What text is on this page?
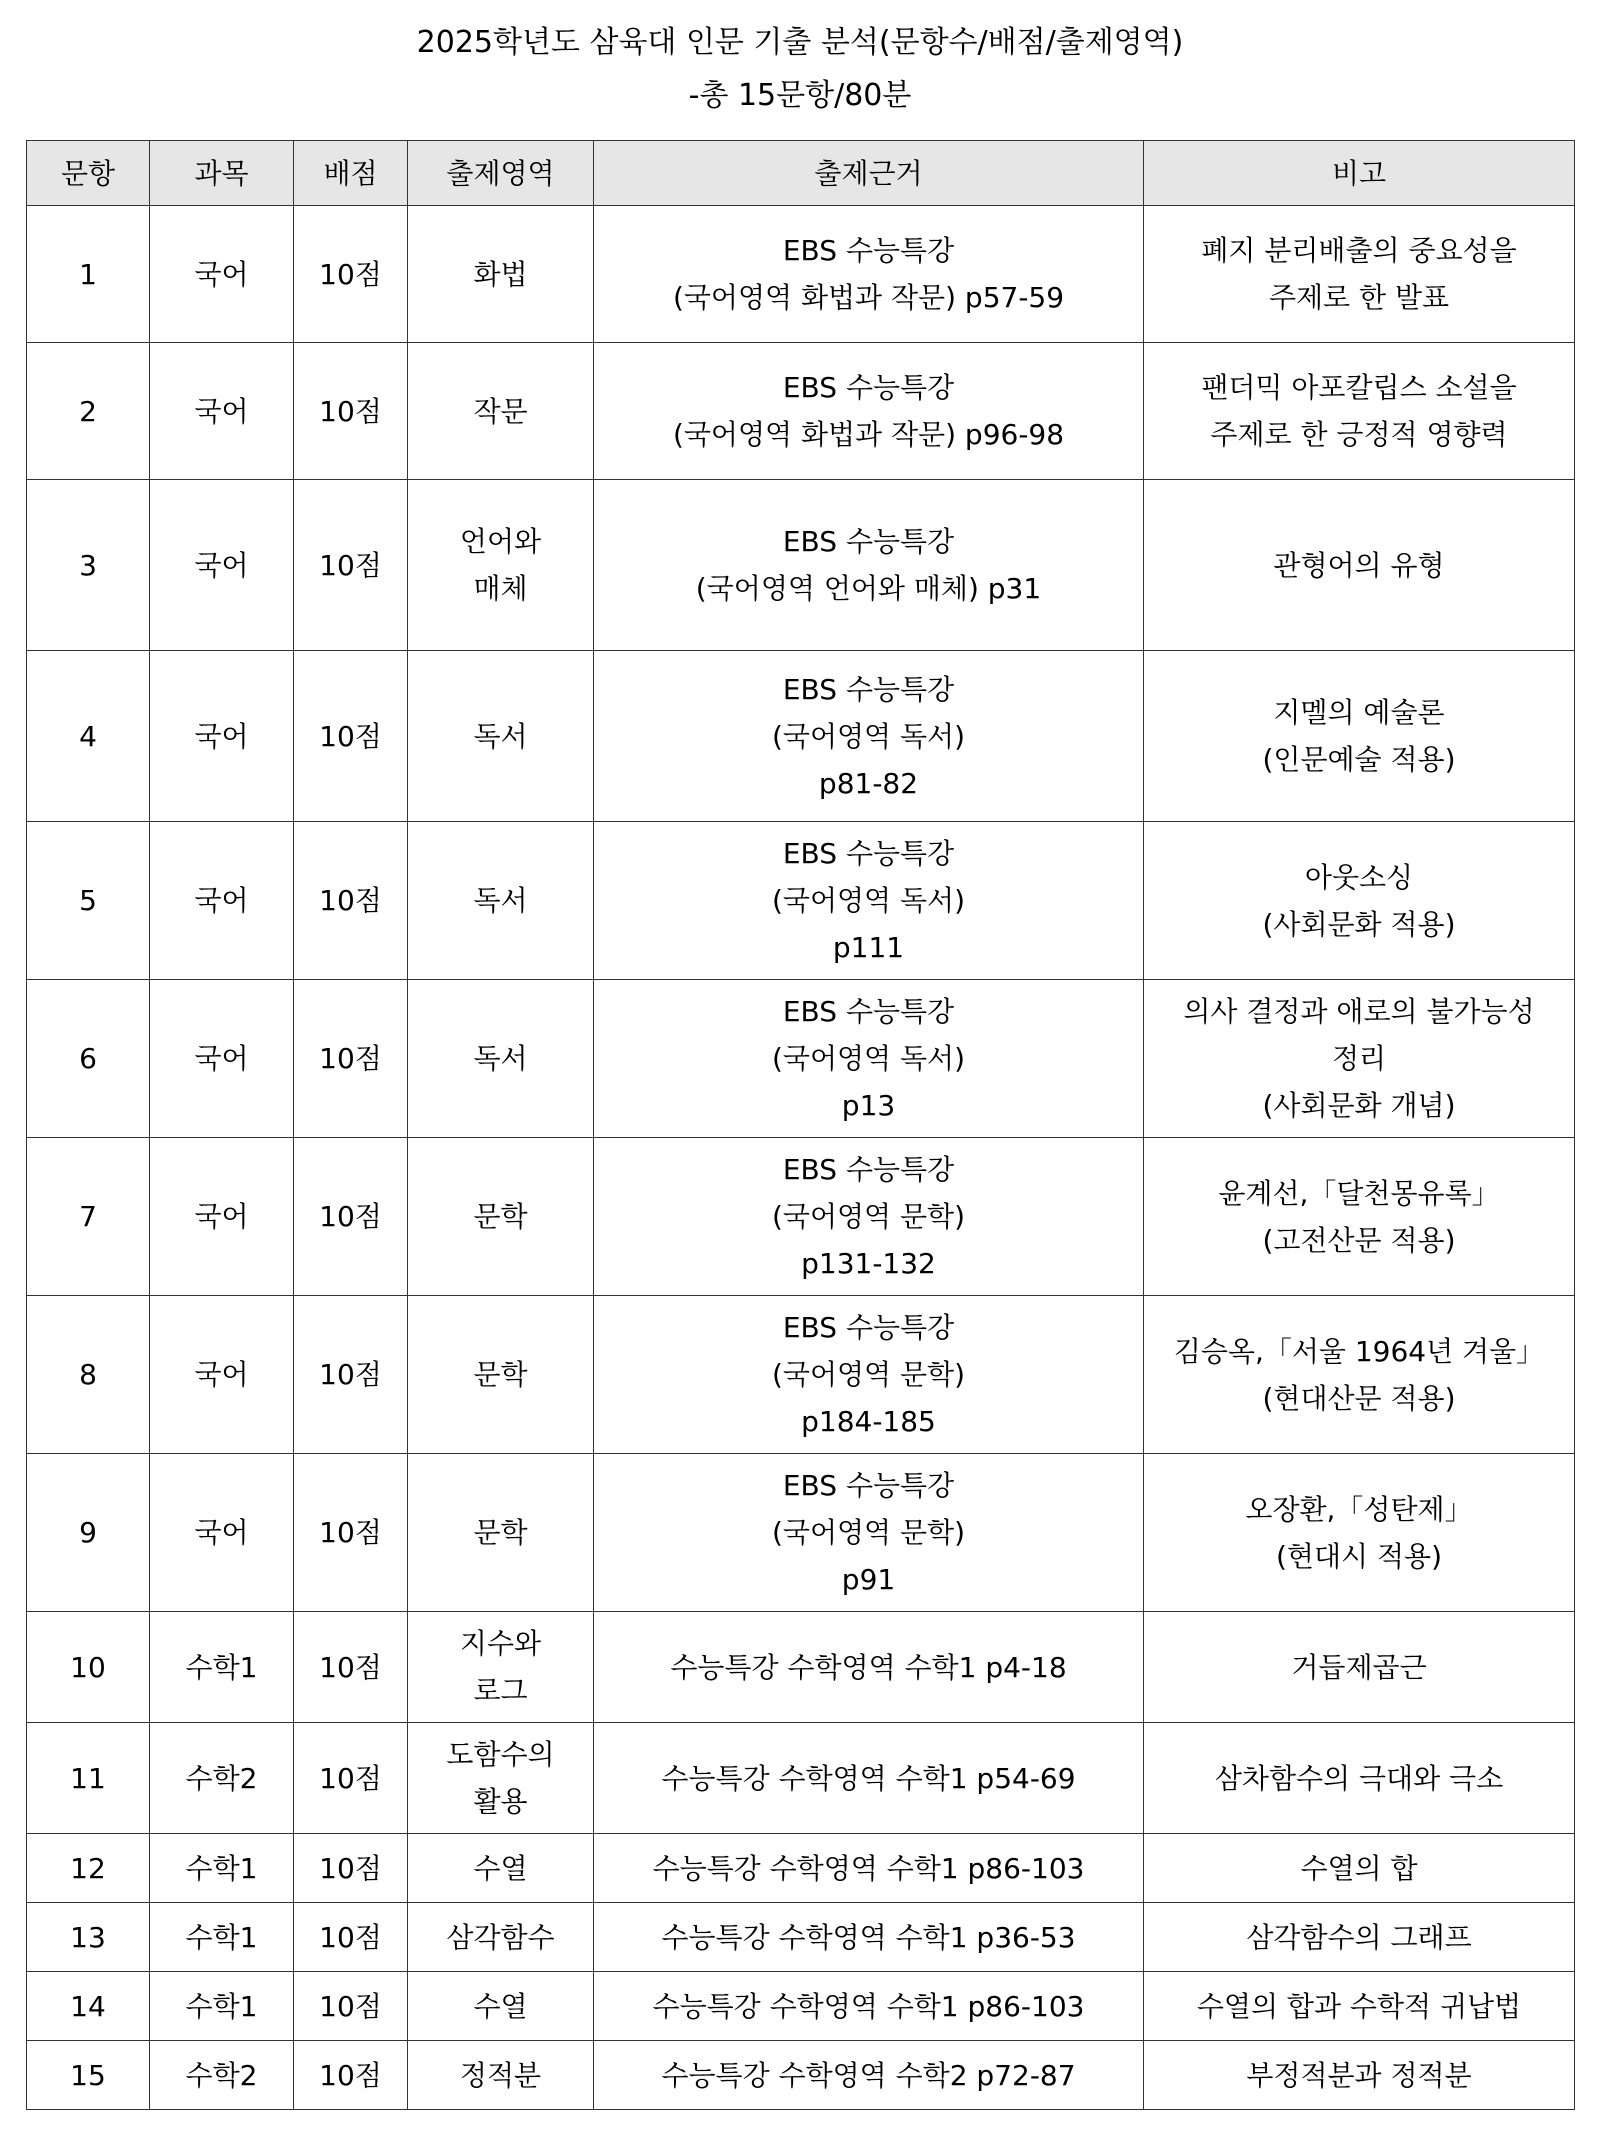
2025학년도 삼육대 인문 기출 분석(문항수/배점/출제영역)
-총 15문항/80분
문항	과목	배점	출제영역	출제근거	비고
1	국어	10점	화법	EBS 수능특강
(국어영역 화법과 작문) p57-59	폐지 분리배출의 중요성을
주제로 한 발표

2	국어	10점	작문	EBS 수능특강
(국어영역 화법과 작문) p96-98	팬더믹 아포칼립스 소설을
주제로 한 긍정적 영향력

3	국어	10점	언어와
매체	EBS 수능특강
(국어영역 언어와 매체) p31	관형어의 유형

4	국어	10점	독서	EBS 수능특강
(국어영역 독서)
p81-82	지멜의 예술론
(인문예술 적용)

5	국어	10점	독서	EBS 수능특강
(국어영역 독서)
p111	아웃소싱
(사회문화 적용)

6	국어	10점	독서	EBS 수능특강
(국어영역 독서)
p13	의사 결정과 애로의 불가능성
정리
(사회문화 개념)

7	국어	10점	문학	EBS 수능특강
(국어영역 문학)
p131-132	윤계선,「달천몽유록」
(고전산문 적용)

8	국어	10점	문학	EBS 수능특강
(국어영역 문학)
p184-185	김승옥,「서울 1964년 겨울」
(현대산문 적용)

9	국어	10점	문학	EBS 수능특강
(국어영역 문학)
p91	오장환,「성탄제」
(현대시 적용)

10	수학1	10점	지수와
로그	수능특강 수학영역 수학1 p4-18	거듭제곱근

11	수학2	10점	도함수의
활용	수능특강 수학영역 수학1 p54-69	삼차함수의 극대와 극소

12	수학1	10점	수열	수능특강 수학영역 수학1 p86-103	수열의 합

13	수학1	10점	삼각함수	수능특강 수학영역 수학1 p36-53	삼각함수의 그래프

14	수학1	10점	수열	수능특강 수학영역 수학1 p86-103	수열의 합과 수학적 귀납법

15	수학2	10점	정적분	수능특강 수학영역 수학2 p72-87	부정적분과 정적분
